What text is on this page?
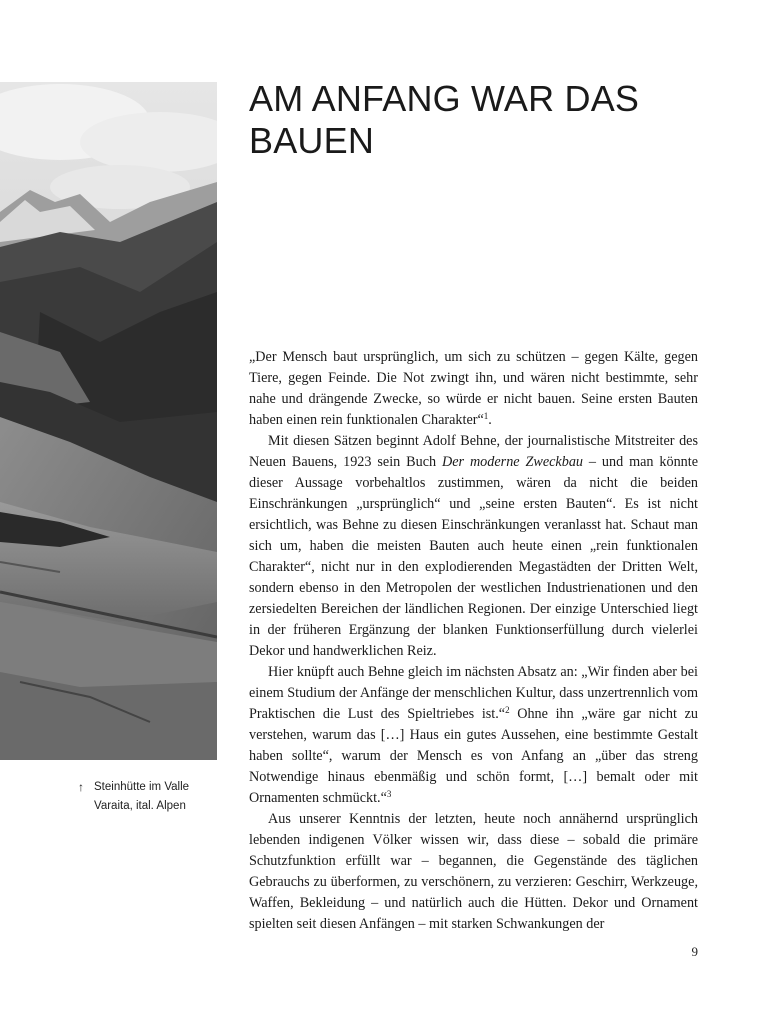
↑ Steinhütte im Valle Varaita, ital. Alpen
AM ANFANG WAR DAS BAUEN

„Der Mensch baut ursprünglich, um sich zu schützen – gegen Kälte, gegen Tiere, gegen Feinde. Die Not zwingt ihn, und wären nicht bestimmte, sehr nahe und drängende Zwecke, so würde er nicht bauen. Seine ersten Bauten haben einen rein funktionalen Charakter“$^1$.

Mit diesen Sätzen beginnt Adolf Behne, der journalistische Mitstreiter des Neuen Bauens, 1923 sein Buch Der moderne Zweckbau – und man könnte dieser Aussage vorbehaltlos zustimmen, wären da nicht die beiden Einschränkungen „ursprünglich“ und „seine ersten Bauten“. Es ist nicht ersichtlich, was Behne zu diesen Einschränkungen veranlasst hat. Schaut man sich um, haben die meisten Bauten auch heute einen „rein funktionalen Charakter“, nicht nur in den explodierenden Megastädten der Dritten Welt, sondern ebenso in den Metropolen der westlichen Industrienationen und den zersiedelten Bereichen der ländlichen Regionen. Der einzige Unterschied liegt in der früheren Ergänzung der blanken Funktionserfüllung durch vielerlei Dekor und handwerklichen Reiz.

Hier knüpft auch Behne gleich im nächsten Absatz an: „Wir finden aber bei einem Studium der Anfänge der menschlichen Kultur, dass unzertrennlich vom Praktischen die Lust des Spieltriebes ist.“$^2$ Ohne ihn „wäre gar nicht zu verstehen, warum das […] Haus ein gutes Aussehen, eine bestimmte Gestalt haben sollte“, warum der Mensch es von Anfang an „über das streng Notwendige hinaus ebenmäßig und schön formt, […] bemalt oder mit Ornamenten schmückt.“$^3$

Aus unserer Kenntnis der letzten, heute noch annähernd ursprünglich lebenden indigenen Völker wissen wir, dass diese – sobald die primäre Schutzfunktion erfüllt war – begannen, die Gegenstände des täglichen Gebrauchs zu überformen, zu verschönern, zu verzieren: Geschirr, Werkzeuge, Waffen, Bekleidung – und natürlich auch die Hütten. Dekor und Ornament spielten seit diesen Anfängen – mit starken Schwankungen der

9
